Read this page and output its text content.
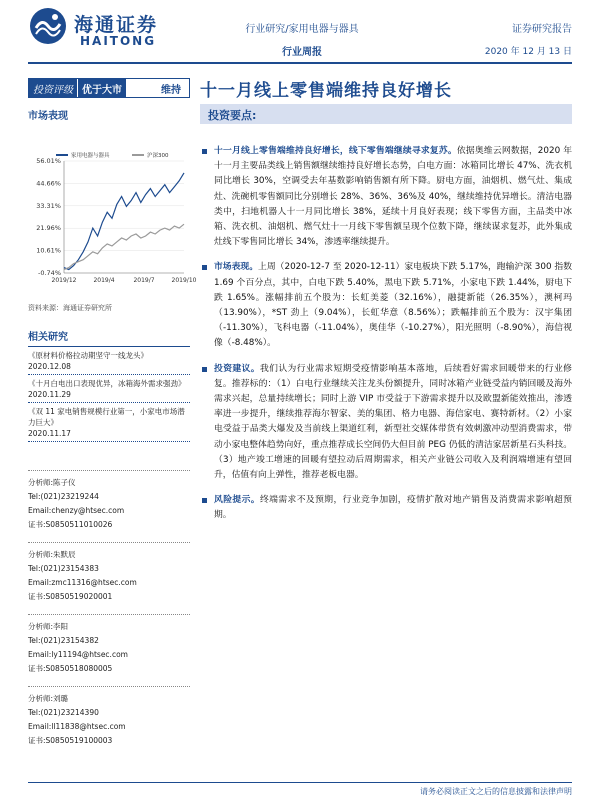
海通证券
HAITONG
行业研究/家用电器与器具
行业周报
证券研究报告
2020 年 12 月 13 日
投资评级 优于大市	维持	十一月线上零售端维持良好增长
市场表现
家用电器与器具	沪深300
56.01%
44.66%
33.31%
21.96%
10.61%
-0.74%
2019/12	2019/4	2019/7	2019/10
资料来源：海通证券研究所
相关研究
《原材料价格拉动期坚守一线龙头》
2020.12.08
《十月白电出口表现优异，冰箱海外需求强劲》
2020.11.29
《双 11 家电销售规模行业第一，小家电市场潜力巨大》
2020.11.17
分析师:陈子仪
Tel:(021)23219244
Email:chenzy@htsec.com
证书:S0850511010026
分析师:朱默辰
Tel:(021)23154383
Email:zmc11316@htsec.com
证书:S0850519020001
分析师:李阳
Tel:(021)23154382
Email:ly11194@htsec.com
证书:S0850518080005
分析师:刘璐
Tel:(021)23214390
Email:ll11838@htsec.com
证书:S0850519100003
投资要点:
十一月线上零售端维持良好增长，线下零售端继续寻求复苏。依据奥维云网数据，2020 年十一月主要品类线上销售额继续维持良好增长态势，白电方面：冰箱同比增长 47%、洗衣机同比增长 30%，空调受去年基数影响销售额有所下降。厨电方面，油烟机、燃气灶、集成灶、洗碗机零售额同比分别增长 28%、36%、36%及 40%，继续维持优异增长。清洁电器类中，扫地机器人十一月同比增长 38%，延续十月良好表现；线下零售方面，主品类中冰箱、洗衣机、油烟机、燃气灶十一月线下零售额呈现个位数下降，继续谋求复苏，此外集成灶线下零售同比增长 34%，渗透率继续提升。
市场表现。上周（2020-12-7 至 2020-12-11）家电板块下跌 5.17%，跑输沪深 300 指数 1.69 个百分点，其中，白电下跌 5.40%，黑电下跌 5.71%，小家电下跌 1.44%，厨电下跌 1.65%。涨幅排前五个股为：长虹美菱（32.16%），融捷新能（26.35%），澳柯玛（13.90%），*ST 劲上（9.04%），长虹华意（8.56%）；跌幅排前五个股为：汉宇集团（-11.30%），飞科电器（-11.04%），奥佳华（-10.27%），阳光照明（-8.90%），海信视像（-8.48%）。
投资建议。我们认为行业需求短期受疫情影响基本落地，后续看好需求回暖带来的行业修复。推荐标的：（1）白电行业继续关注龙头份额提升，同时冰箱产业链受益内销回暖及海外需求兴起，总量持续增长；同时上游 VIP 市受益于下游需求提升以及欧盟新能效推出，渗透率进一步提升，继续推荐海尔智家、美的集团、格力电器、海信家电、赛特新材。（2）小家电受益于品类大爆发及当前线上渠道红利，新型社交媒体带货有效刺激冲动型消费需求，带动小家电整体趋势向好，重点推荐成长空间仍大但目前 PEG 仍低的清洁家居新星石头科技。（3）地产竣工增速的回暖有望拉动后周期需求，相关产业链公司收入及利润端增速有望回升，估值有向上弹性，推荐老板电器。
风险提示。终端需求不及预期，行业竞争加剧，疫情扩散对地产销售及消费需求影响超预期。
请务必阅读正文之后的信息披露和法律声明
